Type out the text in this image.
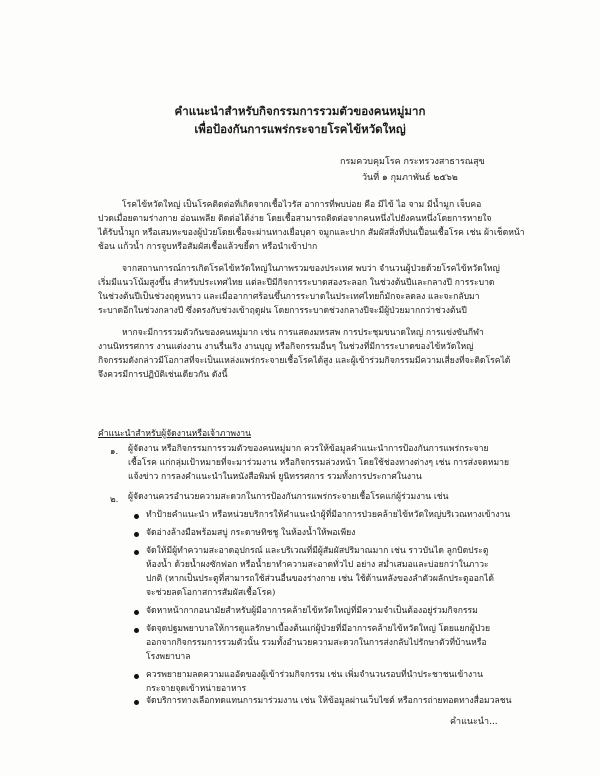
คำแนะนำสำหรับกิจกรรมการรวมตัวของคนหมู่มาก
เพื่อป้องกันการแพร่กระจายโรคไข้หวัดใหญ่
กรมควบคุมโรค กระทรวงสาธารณสุข
วันที่ ๑ กุมภาพันธ์ ๒๕๖๒
โรคไข้หวัดใหญ่ เป็นโรคติดต่อที่เกิดจากเชื้อไวรัส อาการที่พบบ่อย คือ มีไข้ ไอ จาม มีน้ำมูก เจ็บคอ
ปวดเมื่อยตามร่างกาย อ่อนเพลีย ติดต่อได้ง่าย โดยเชื้อสามารถติดต่อจากคนหนึ่งไปยังคนหนึ่งโดยการหายใจ
ได้รับน้ำมูก หรือเสมหะของผู้ป่วยโดยเชื้อจะผ่านทางเยื่อบุตา จมูกและปาก สัมผัสสิ่งที่ปนเปื้อนเชื้อโรค เช่น ผ้าเช็ดหน้า
ช้อน แก้วน้ำ การจูบหรือสัมผัสเชื้อแล้วขยี้ตา หรือนำเข้าปาก
จากสถานการณ์การเกิดโรคไข้หวัดใหญ่ในภาพรวมของประเทศ พบว่า จำนวนผู้ป่วยด้วยโรคไข้หวัดใหญ่
เริ่มมีแนวโน้มสูงขึ้น สำหรับประเทศไทย แต่ละปีมีกิจการระบาดสองระลอก ในช่วงต้นปีและกลางปี การระบาด
ในช่วงต้นปีเป็นช่วงฤดูหนาว และเมื่ออากาศร้อนขึ้นการระบาดในประเทศไทยก็มักจะลดลง และจะกลับมา
ระบาดอีกในช่วงกลางปี ซึ่งตรงกับช่วงเข้าฤดูฝน โดยการระบาดช่วงกลางปีจะมีผู้ป่วยมากกว่าช่วงต้นปี
หากจะมีการรวมตัวกันของคนหมู่มาก เช่น การแสดงมหรสพ การประชุมขนาดใหญ่ การแข่งขันกีฬา
งานนิทรรศการ งานแต่งงาน งานรื่นเริง งานบุญ หรือกิจกรรมอื่นๆ ในช่วงที่มีการระบาดของไข้หวัดใหญ่
กิจกรรมดังกล่าวมีโอกาสที่จะเป็นแหล่งแพร่กระจายเชื้อโรคได้สูง และผู้เข้าร่วมกิจกรรมมีความเสี่ยงที่จะติดโรคได้
จึงควรมีการปฏิบัติเช่นเดียวกัน ดังนี้
คำแนะนำสำหรับผู้จัดงานหรือเจ้าภาพงาน
๑. ผู้จัดงาน หรือกิจกรรมการรวมตัวของคนหมู่มาก ควรให้ข้อมูลคำแนะนำการป้องกันการแพร่กระจาย
เชื้อโรค แก่กลุ่มเป้าหมายที่จะมาร่วมงาน หรือกิจกรรมล่วงหน้า โดยใช้ช่องทางต่างๆ เช่น การส่งจดหมาย
แจ้งข่าว การลงคำแนะนำในหนังสือพิมพ์ ยูนิทรรศการ รวมทั้งการประกาศในงาน
๒. ผู้จัดงานควรอำนวยความสะดวกในการป้องกันการแพร่กระจายเชื้อโรคแก่ผู้ร่วมงาน เช่น
ทำป้ายคำแนะนำ หรือหน่วยบริการให้คำแนะนำผู้ที่มีอาการป่วยคล้ายไข้หวัดใหญ่บริเวณทางเข้างาน
จัดอ่างล้างมือพร้อมสบู่ กระดาษทิชชู ในห้องน้ำให้พอเพียง
จัดให้มีผู้ทำความสะอาดอุปกรณ์ และบริเวณที่มีผู้สัมผัสปริมาณมาก เช่น ราวบันได ลูกบิดประตู
ห้องน้ำ ด้วยน้ำผงซักฟอก หรือน้ำยาทำความสะอาดทั่วไป อย่าง สม่ำเสมอและบ่อยกว่าในภาวะ
ปกติ (หากเป็นประตูที่สามารถใช้ส่วนอื่นของร่างกาย เช่น ใช้ด้านหลังของลำตัวผลักประตูออกได้
จะช่วยลดโอกาสการสัมผัสเชื้อโรค)
จัดหาหน้ากากอนามัยสำหรับผู้มีอาการคล้ายไข้หวัดใหญ่ที่มีความจำเป็นต้องอยู่ร่วมกิจกรรม
จัดจุดปฐมพยาบาลให้การดูแลรักษาเบื้องต้นแก่ผู้ป่วยที่มีอาการคล้ายไข้หวัดใหญ่ โดยแยกผู้ป่วย
ออกจากกิจกรรมการรวมตัวนั้น รวมทั้งอำนวยความสะดวกในการส่งกลับไปรักษาตัวที่บ้านหรือ
โรงพยาบาล
ควรพยายามลดความแออัดของผู้เข้าร่วมกิจกรรม เช่น เพิ่มจำนวนรอบที่นำประชาชนเข้างาน
กระจายจุดเข้าหน่ายอาหาร
จัดบริการทางเลือกทดแทนการมาร่วมงาน เช่น ให้ข้อมูลผ่านเว็บไซต์ หรือการถ่ายทอดทางสื่อมวลชน
คำแนะนำ...
